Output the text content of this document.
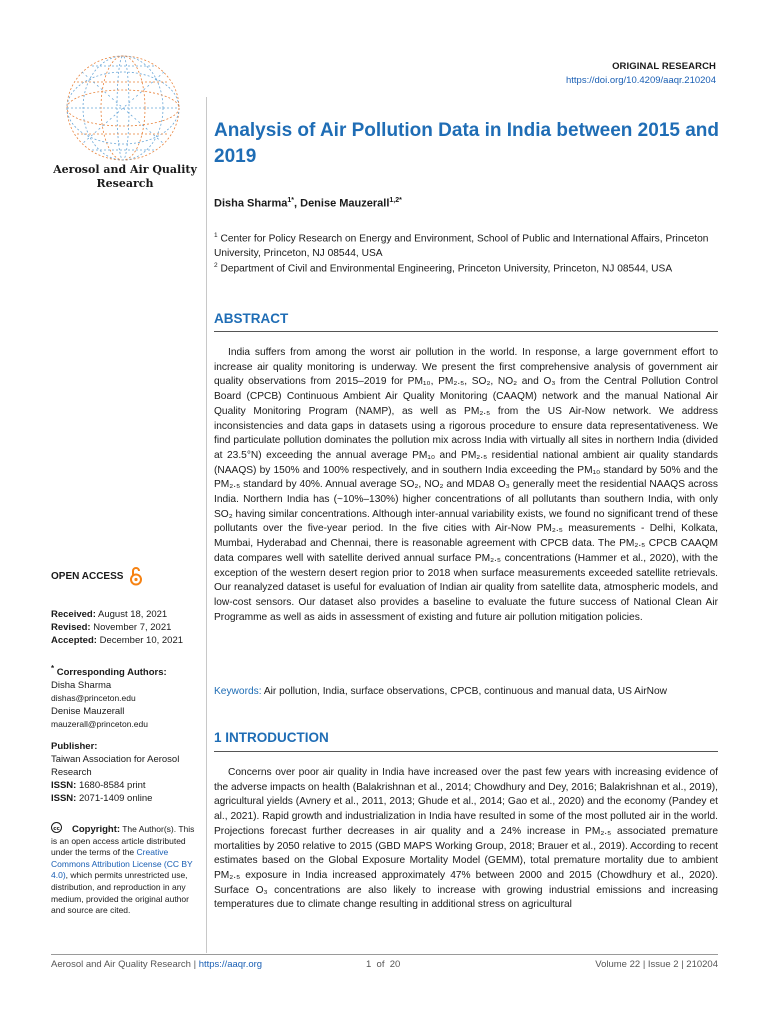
Aerosol and Air Quality Research
ORIGINAL RESEARCH
https://doi.org/10.4209/aaqr.210204
Analysis of Air Pollution Data in India between 2015 and 2019
Disha Sharma$^{1*}$, Denise Mauzerall$^{1,2*}$
$^1$ Center for Policy Research on Energy and Environment, School of Public and International Affairs, Princeton University, Princeton, NJ 08544, USA
$^2$ Department of Civil and Environmental Engineering, Princeton University, Princeton, NJ 08544, USA
ABSTRACT

India suffers from among the worst air pollution in the world. In response, a large government effort to increase air quality monitoring is underway. We present the first comprehensive analysis of government air quality observations from 2015–2019 for PM₁₀, PM₂.₅, SO₂, NO₂ and O₃ from the Central Pollution Control Board (CPCB) Continuous Ambient Air Quality Monitoring (CAAQM) network and the manual National Air Quality Monitoring Program (NAMP), as well as PM₂.₅ from the US Air-Now network. We address inconsistencies and data gaps in datasets using a rigorous procedure to ensure data representativeness. We find particulate pollution dominates the pollution mix across India with virtually all sites in northern India (divided at 23.5°N) exceeding the annual average PM₁₀ and PM₂.₅ residential national ambient air quality standards (NAAQS) by 150% and 100% respectively, and in southern India exceeding the PM₁₀ standard by 50% and the PM₂.₅ standard by 40%. Annual average SO₂, NO₂ and MDA8 O₃ generally meet the residential NAAQS across India. Northern India has (~10%–130%) higher concentrations of all pollutants than southern India, with only SO₂ having similar concentrations. Although inter-annual variability exists, we found no significant trend of these pollutants over the five-year period. In the five cities with Air-Now PM₂.₅ measurements - Delhi, Kolkata, Mumbai, Hyderabad and Chennai, there is reasonable agreement with CPCB data. The PM₂.₅ CPCB CAAQM data compares well with satellite derived annual surface PM₂.₅ concentrations (Hammer et al., 2020), with the exception of the western desert region prior to 2018 when surface measurements exceeded satellite retrievals. Our reanalyzed dataset is useful for evaluation of Indian air quality from satellite data, atmospheric models, and low-cost sensors. Our dataset also provides a baseline to evaluate the future success of National Clean Air Programme as well as aids in assessment of existing and future air pollution mitigation policies.

Keywords: Air pollution, India, surface observations, CPCB, continuous and manual data, US AirNow
1 INTRODUCTION

Concerns over poor air quality in India have increased over the past few years with increasing evidence of the adverse impacts on health (Balakrishnan et al., 2014; Chowdhury and Dey, 2016; Balakrishnan et al., 2019), agricultural yields (Avnery et al., 2011, 2013; Ghude et al., 2014; Gao et al., 2020) and the economy (Pandey et al., 2021). Rapid growth and industrialization in India have resulted in some of the most polluted air in the world. Projections forecast further decreases in air quality and a 24% increase in PM₂.₅ associated premature mortalities by 2050 relative to 2015 (GBD MAPS Working Group, 2018; Brauer et al., 2019). According to recent estimates based on the Global Exposure Mortality Model (GEMM), total premature mortality due to ambient PM₂.₅ exposure in India increased approximately 47% between 2000 and 2015 (Chowdhury et al., 2020). Surface O₃ concentrations are also likely to increase with growing industrial emissions and increasing temperatures due to climate change resulting in additional stress on agricultural

OPEN ACCESS
Received: August 18, 2021
Revised: November 7, 2021
Accepted: December 10, 2021
* Corresponding Authors:
Disha Sharma
dishas@princeton.edu
Denise Mauzerall
mauzerall@princeton.edu
Publisher:
Taiwan Association for Aerosol Research
ISSN: 1680-8584 print
ISSN: 2071-1409 online
cc Copyright: The Author(s). This is an open access article distributed under the terms of the Creative Commons Attribution License (CC BY 4.0), which permits unrestricted use, distribution, and reproduction in any medium, provided the original author and source are cited.
Aerosol and Air Quality Research | https://aaqr.org	1  of  20	Volume 22 | Issue 2 | 210204
